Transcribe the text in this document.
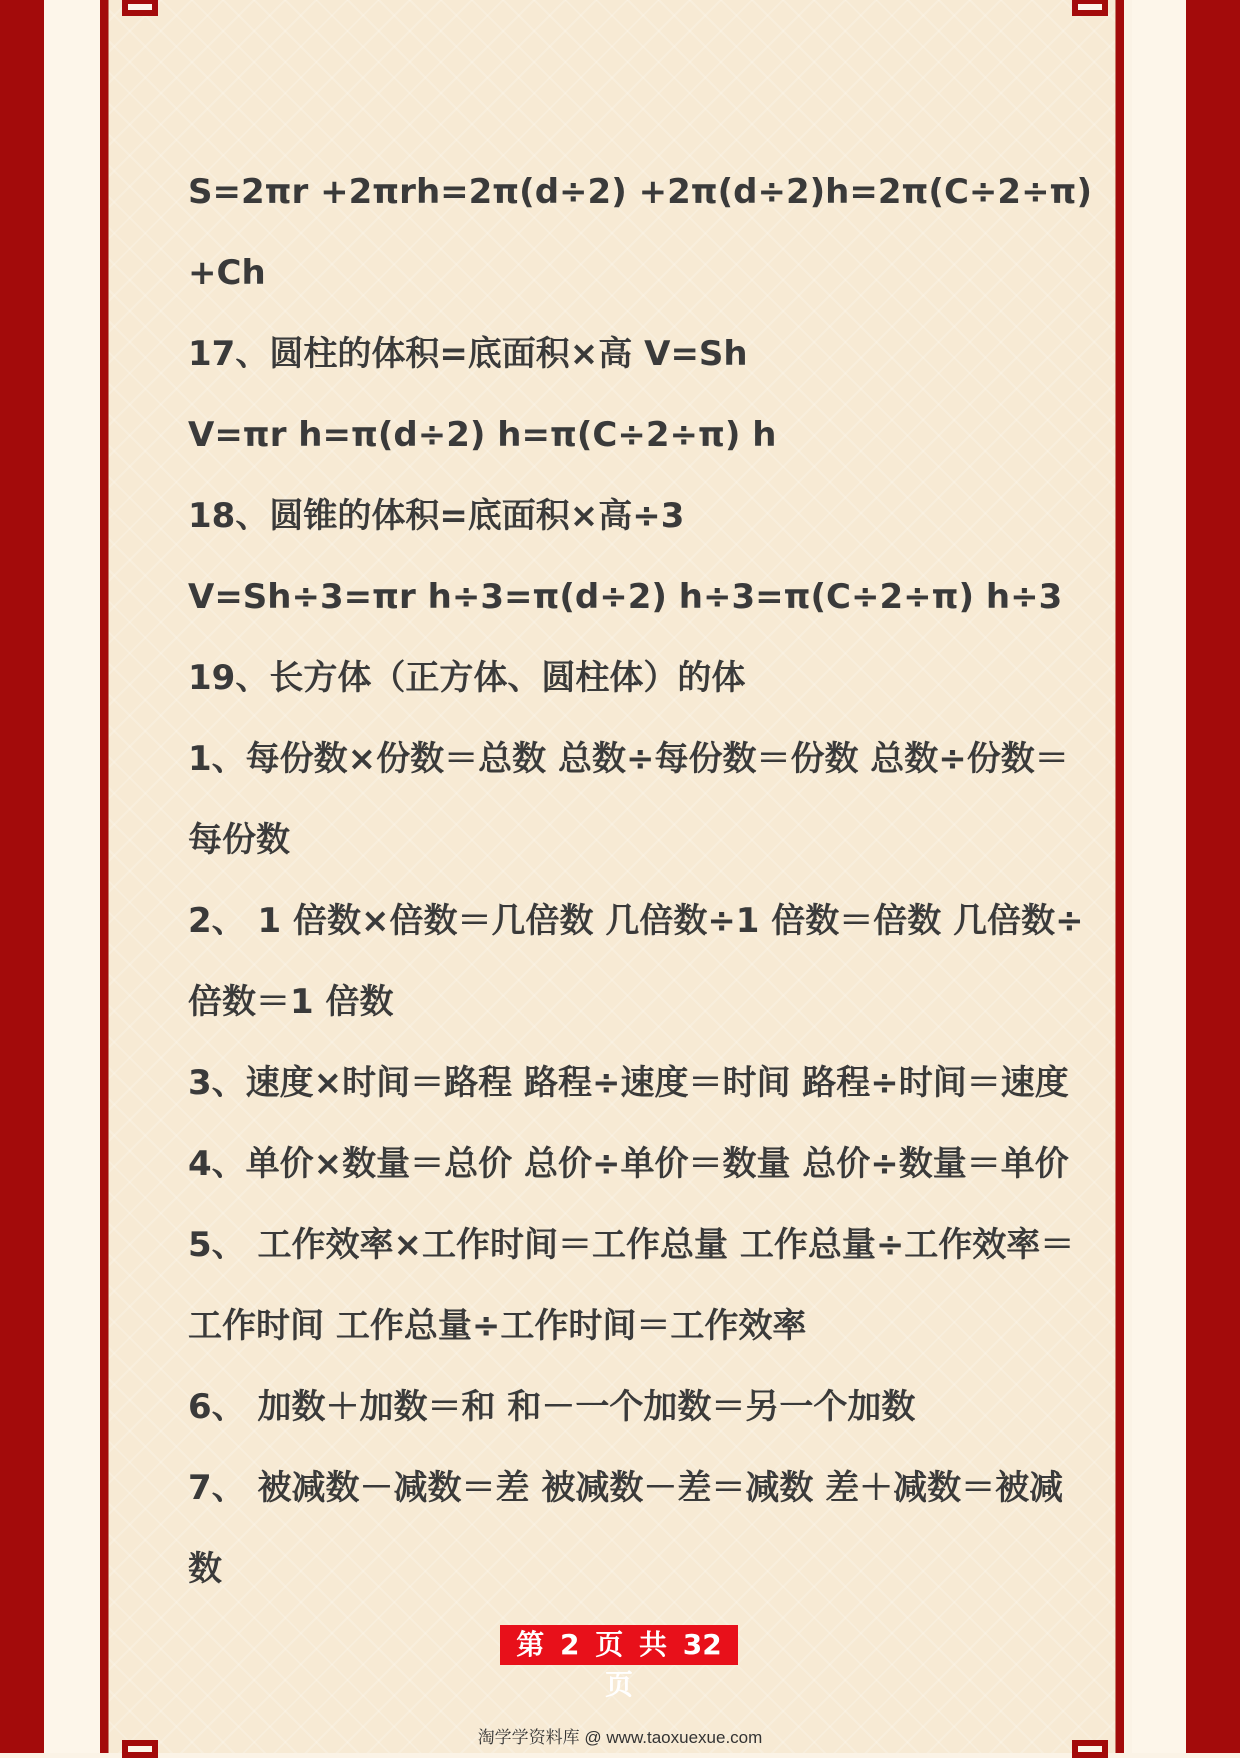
S=2πr +2πrh=2π(d÷2) +2π(d÷2)h=2π(C÷2÷π)
+Ch
17、圆柱的体积=底面积×高 V=Sh
V=πr h=π(d÷2) h=π(C÷2÷π) h
18、圆锥的体积=底面积×高÷3
V=Sh÷3=πr h÷3=π(d÷2) h÷3=π(C÷2÷π) h÷3
19、长方体（正方体、圆柱体）的体
1、每份数×份数＝总数 总数÷每份数＝份数 总数÷份数＝
每份数
2、 1 倍数×倍数＝几倍数 几倍数÷1 倍数＝倍数 几倍数÷
倍数＝1 倍数
3、速度×时间＝路程 路程÷速度＝时间 路程÷时间＝速度
4、单价×数量＝总价 总价÷单价＝数量 总价÷数量＝单价
5、 工作效率×工作时间＝工作总量 工作总量÷工作效率＝
工作时间 工作总量÷工作时间＝工作效率
6、 加数＋加数＝和 和－一个加数＝另一个加数
7、 被减数－减数＝差 被减数－差＝减数 差＋减数＝被减
数
第 2 页 共 32 页
淘学学资料库 @ www.taoxuexue.com
